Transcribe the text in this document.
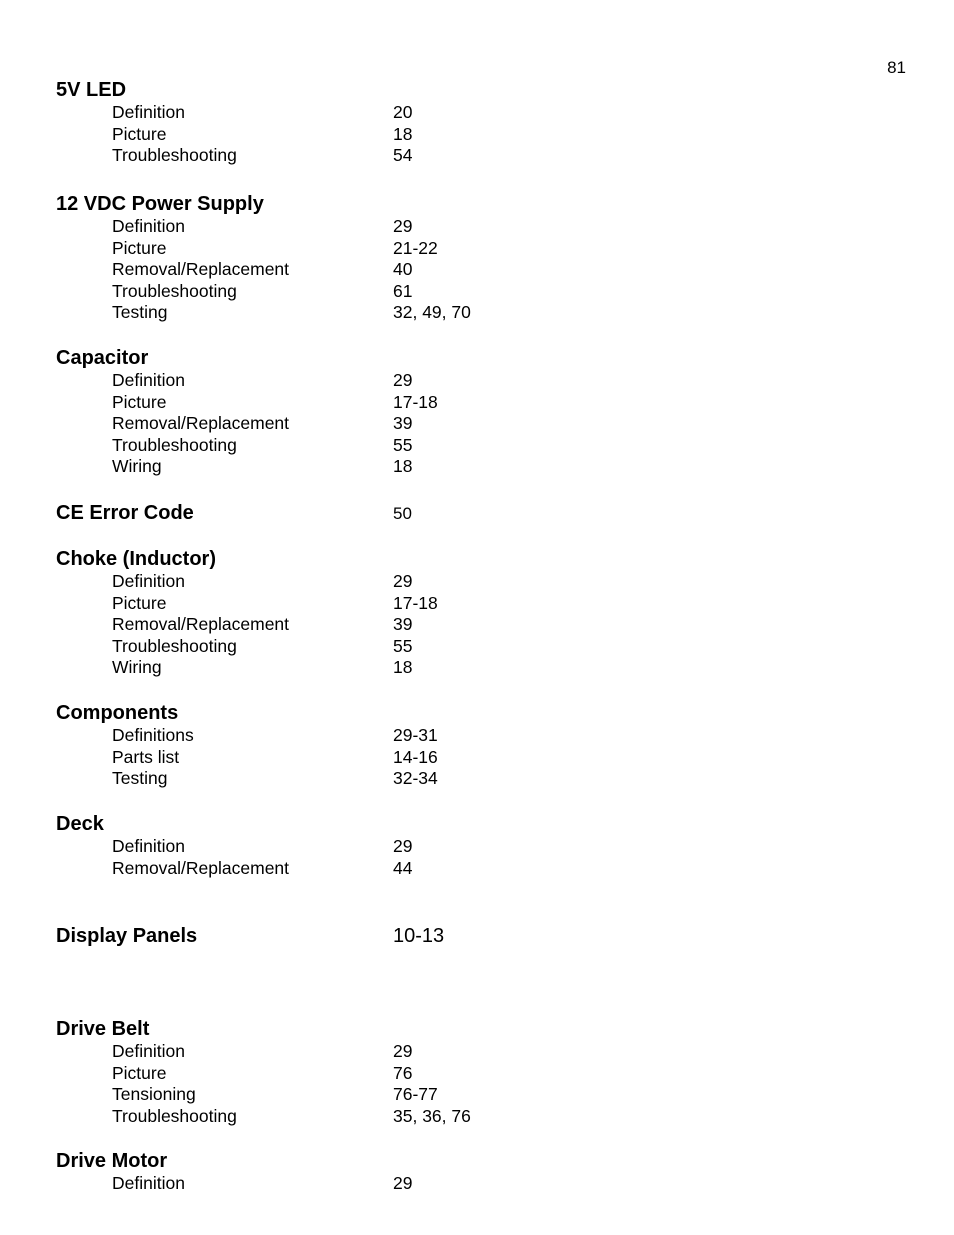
81
5V LED
Definition	20
Picture	18
Troubleshooting	54
12 VDC Power Supply
Definition	29
Picture	21-22
Removal/Replacement	40
Troubleshooting	61
Testing	32, 49, 70
Capacitor
Definition	29
Picture	17-18
Removal/Replacement	39
Troubleshooting	55
Wiring	18
CE Error Code	50
Choke (Inductor)
Definition	29
Picture	17-18
Removal/Replacement	39
Troubleshooting	55
Wiring	18
Components
Definitions	29-31
Parts list	14-16
Testing	32-34
Deck
Definition	29
Removal/Replacement	44
Display Panels	10-13
Drive Belt
Definition	29
Picture	76
Tensioning	76-77
Troubleshooting	35, 36, 76
Drive Motor
Definition	29
